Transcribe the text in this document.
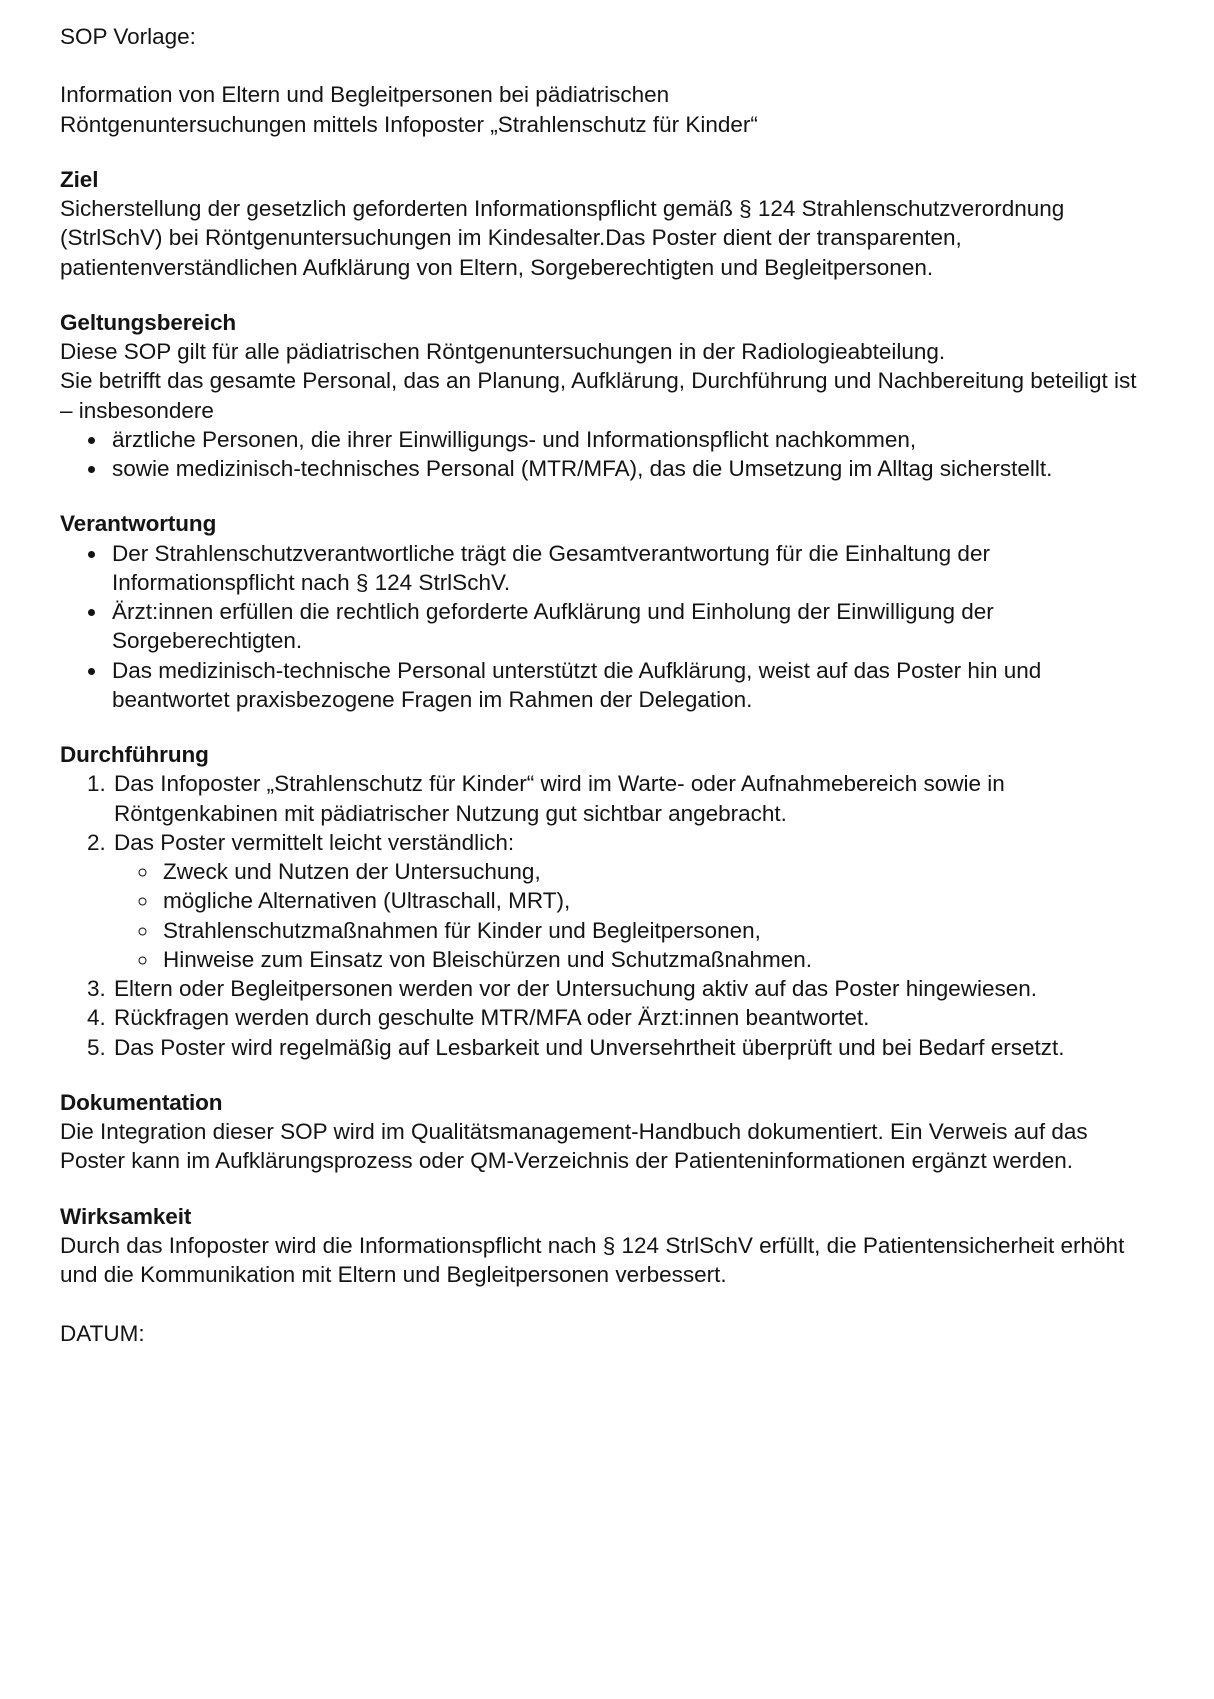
SOP Vorlage:

Information von Eltern und Begleitpersonen bei pädiatrischen
Röntgenuntersuchungen mittels Infoposter „Strahlenschutz für Kinder“
Ziel

Sicherstellung der gesetzlich geforderten Informationspflicht gemäß § 124 Strahlenschutzverordnung (StrlSchV) bei Röntgenuntersuchungen im Kindesalter.Das Poster dient der transparenten, patientenverständlichen Aufklärung von Eltern, Sorgeberechtigten und Begleitpersonen.

Geltungsbereich

Diese SOP gilt für alle pädiatrischen Röntgenuntersuchungen in der Radiologieabteilung.

Sie betrifft das gesamte Personal, das an Planung, Aufklärung, Durchführung und Nachbereitung beteiligt ist – insbesondere

• ärztliche Personen, die ihrer Einwilligungs- und Informationspflicht nachkommen,
• sowie medizinisch-technisches Personal (MTR/MFA), das die Umsetzung im Alltag sicherstellt.
Verantwortung
• Der Strahlenschutzverantwortliche trägt die Gesamtverantwortung für die Einhaltung der Informationspflicht nach § 124 StrlSchV.
• Ärzt:innen erfüllen die rechtlich geforderte Aufklärung und Einholung der Einwilligung der Sorgeberechtigten.
• Das medizinisch-technische Personal unterstützt die Aufklärung, weist auf das Poster hin und beantwortet praxisbezogene Fragen im Rahmen der Delegation.
Durchführung
1. Das Infoposter „Strahlenschutz für Kinder“ wird im Warte- oder Aufnahmebereich sowie in Röntgenkabinen mit pädiatrischer Nutzung gut sichtbar angebracht.
2. Das Poster vermittelt leicht verständlich:
◦ Zweck und Nutzen der Untersuchung,
◦ mögliche Alternativen (Ultraschall, MRT),
◦ Strahlenschutzmaßnahmen für Kinder und Begleitpersonen,
◦ Hinweise zum Einsatz von Bleischürzen und Schutzmaßnahmen.
3. Eltern oder Begleitpersonen werden vor der Untersuchung aktiv auf das Poster hingewiesen.
4. Rückfragen werden durch geschulte MTR/MFA oder Ärzt:innen beantwortet.
5. Das Poster wird regelmäßig auf Lesbarkeit und Unversehrtheit überprüft und bei Bedarf ersetzt.
Dokumentation

Die Integration dieser SOP wird im Qualitätsmanagement-Handbuch dokumentiert. Ein Verweis auf das Poster kann im Aufklärungsprozess oder QM-Verzeichnis der Patienteninformationen ergänzt werden.

Wirksamkeit

Durch das Infoposter wird die Informationspflicht nach § 124 StrlSchV erfüllt, die Patientensicherheit erhöht und die Kommunikation mit Eltern und Begleitpersonen verbessert.

DATUM:
